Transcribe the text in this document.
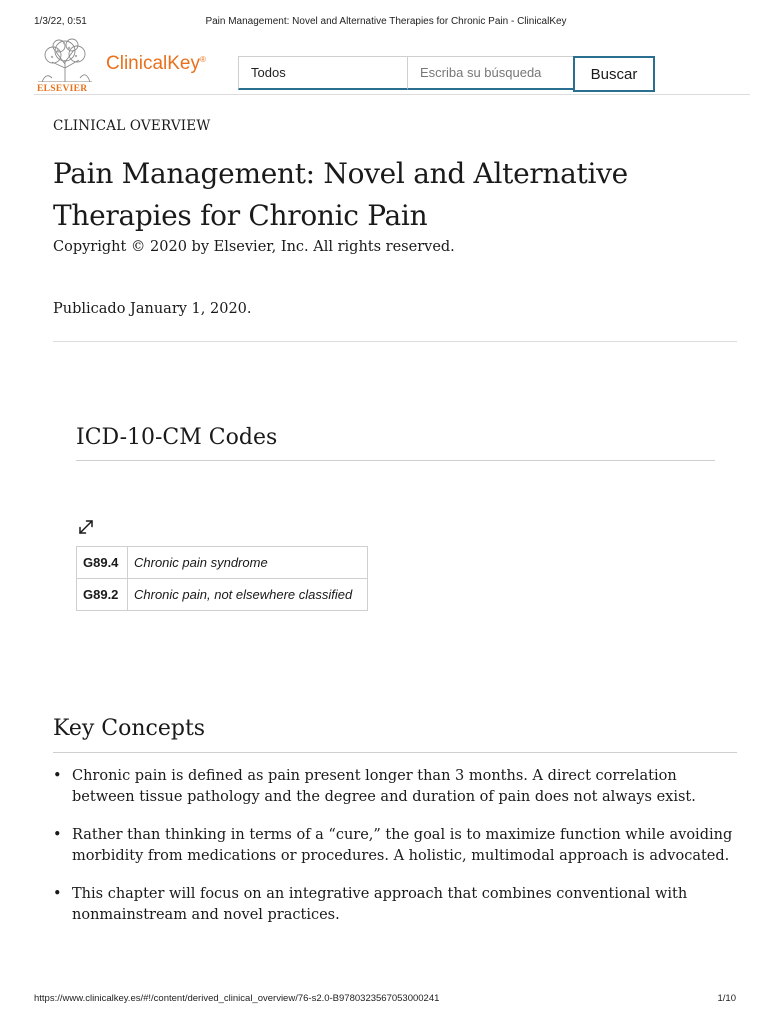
1/3/22, 0:51	Pain Management: Novel and Alternative Therapies for Chronic Pain - ClinicalKey
ELSEVIER
ClinicalKey®
Todos
Escriba su búsqueda	Buscar
CLINICAL OVERVIEW
Pain Management: Novel and Alternative Therapies for Chronic Pain
Copyright © 2020 by Elsevier, Inc. All rights reserved.
Publicado January 1, 2020.
ICD-10-CM Codes
G89.4	Chronic pain syndrome
G89.2	Chronic pain, not elsewhere classified
Key Concepts
• Chronic pain is defined as pain present longer than 3 months. A direct correlation between tissue pathology and the degree and duration of pain does not always exist.
• Rather than thinking in terms of a “cure,” the goal is to maximize function while avoiding morbidity from medications or procedures. A holistic, multimodal approach is advocated.
• This chapter will focus on an integrative approach that combines conventional with nonmainstream and novel practices.
https://www.clinicalkey.es/#!/content/derived_clinical_overview/76-s2.0-B9780323567053000241	1/10
